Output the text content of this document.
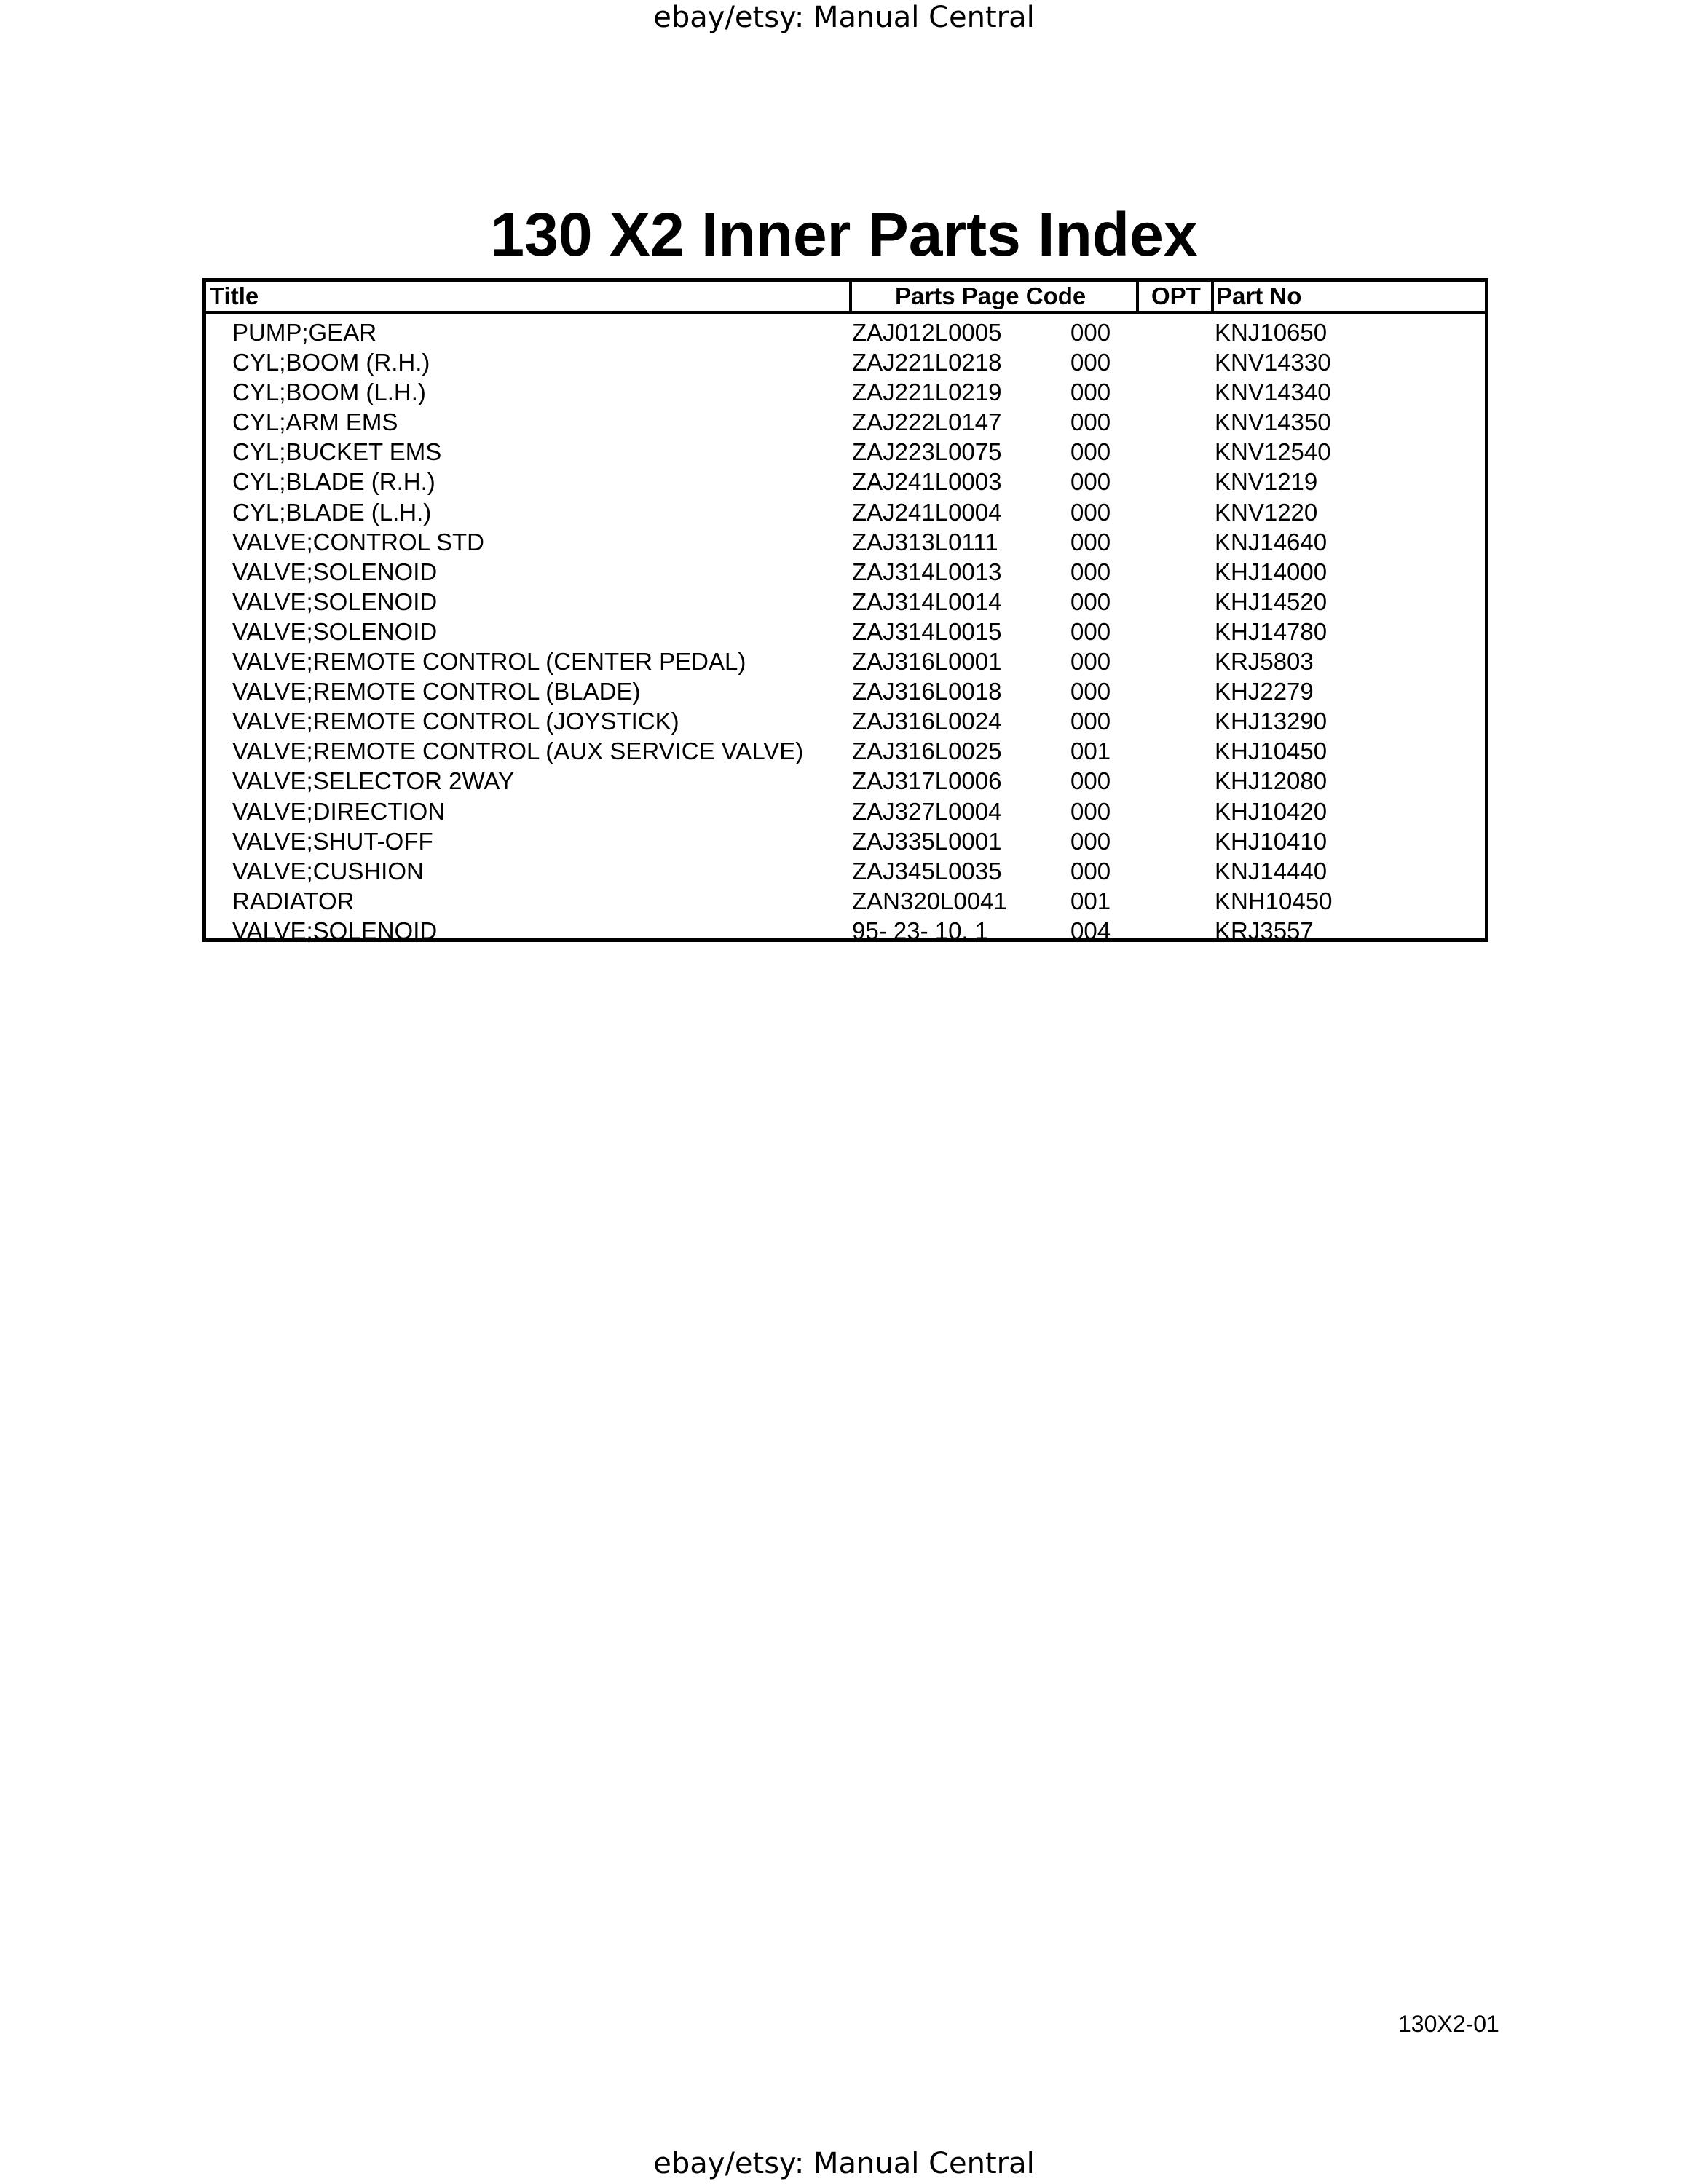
ebay/etsy: Manual Central
130 X2 Inner Parts Index
Title	Parts Page Code	OPT Part No
PUMP;GEAR	ZAJ012L0005	000	KNJ10650
CYL;BOOM (R.H.)	ZAJ221L0218	000	KNV14330
CYL;BOOM (L.H.)	ZAJ221L0219	000	KNV14340
CYL;ARM EMS	ZAJ222L0147	000	KNV14350
CYL;BUCKET EMS	ZAJ223L0075	000	KNV12540
CYL;BLADE (R.H.)	ZAJ241L0003	000	KNV1219
CYL;BLADE (L.H.)	ZAJ241L0004	000	KNV1220
VALVE;CONTROL STD	ZAJ313L0111	000	KNJ14640
VALVE;SOLENOID	ZAJ314L0013	000	KHJ14000
VALVE;SOLENOID	ZAJ314L0014	000	KHJ14520
VALVE;SOLENOID	ZAJ314L0015	000	KHJ14780
VALVE;REMOTE CONTROL (CENTER PEDAL)	ZAJ316L0001	000	KRJ5803
VALVE;REMOTE CONTROL (BLADE)	ZAJ316L0018	000	KHJ2279
VALVE;REMOTE CONTROL (JOYSTICK)	ZAJ316L0024	000	KHJ13290
VALVE;REMOTE CONTROL (AUX SERVICE VALVE) ZAJ316L0025	001	KHJ10450
VALVE;SELECTOR 2WAY	ZAJ317L0006	000	KHJ12080
VALVE;DIRECTION	ZAJ327L0004	000	KHJ10420
VALVE;SHUT-OFF	ZAJ335L0001	000	KHJ10410
VALVE;CUSHION	ZAJ345L0035	000	KNJ14440
RADIATOR	ZAN320L0041	001	KNH10450
VALVE;SOLENOID	95- 23- 10. 1	004	KRJ3557
130X2-01
ebay/etsy: Manual Central
